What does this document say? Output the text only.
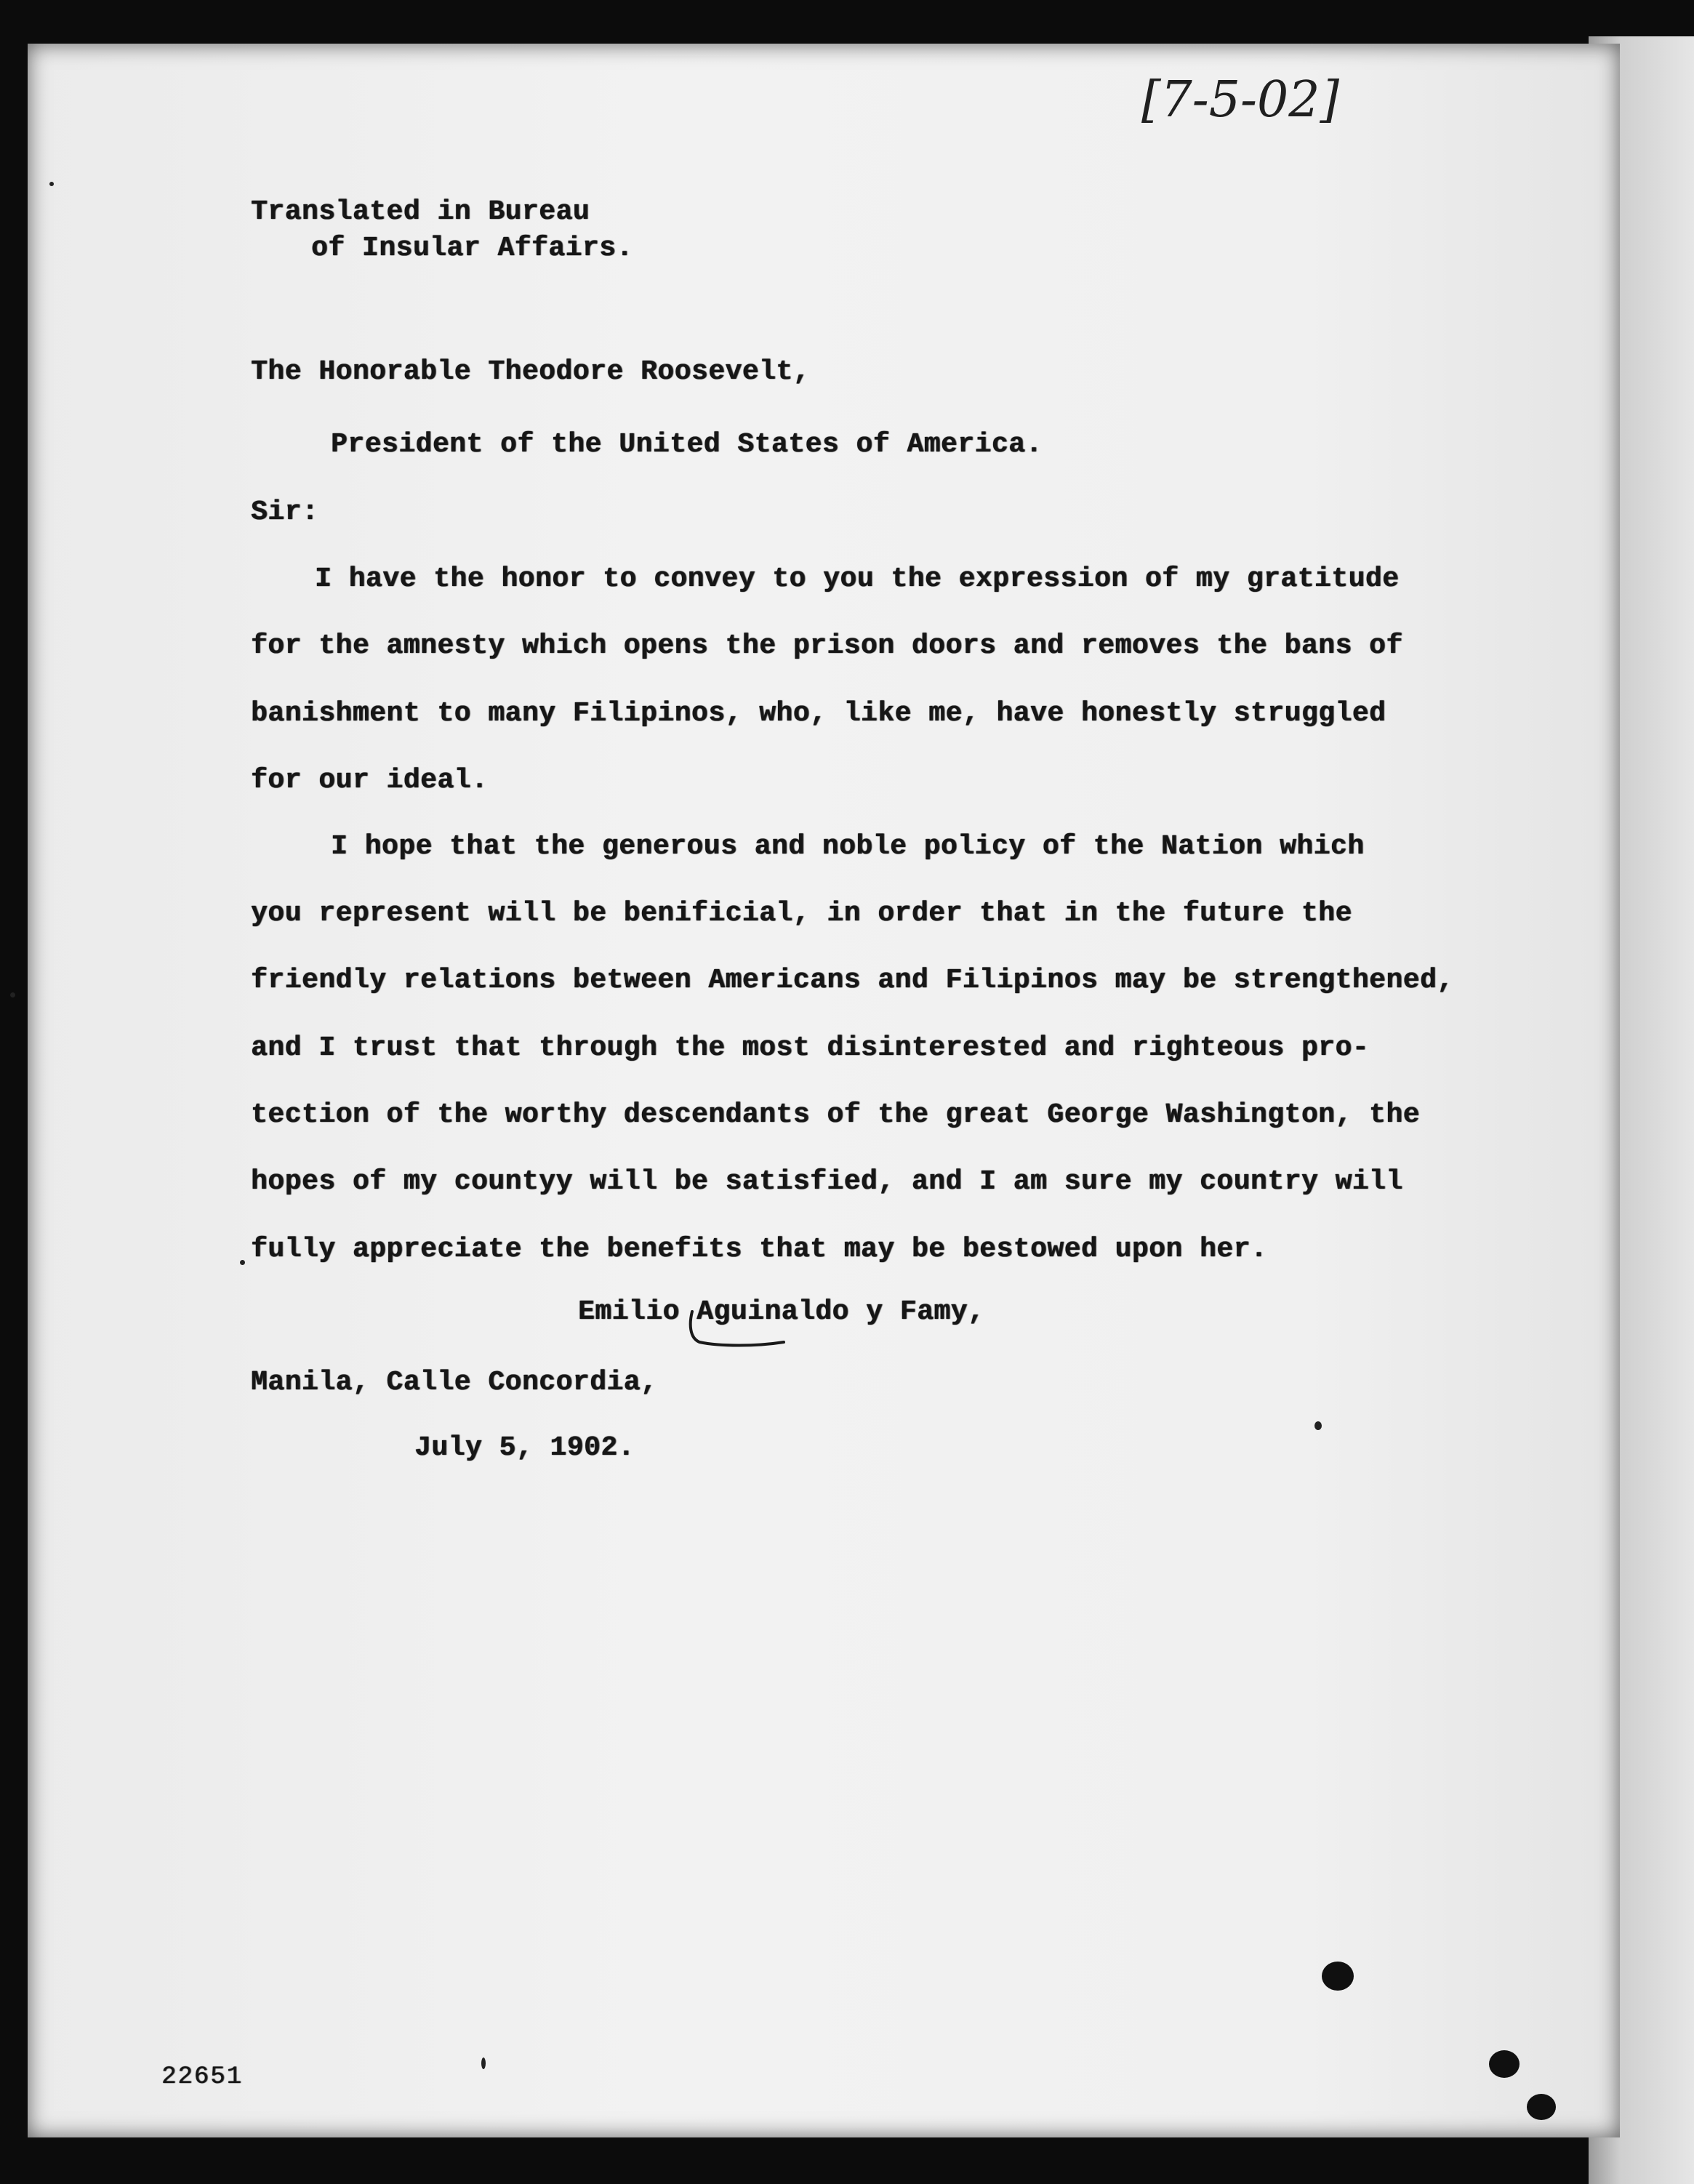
[7-5-02]
Translated in Bureau
of Insular Affairs.
The Honorable Theodore Roosevelt,
President of the United States of America.
Sir:
I have the honor to convey to you the expression of my gratitude
for the amnesty which opens the prison doors and removes the bans of
banishment to many Filipinos, who, like me, have honestly struggled
for our ideal.
I hope that the generous and noble policy of the Nation which
you represent will be benificial, in order that in the future the
friendly relations between Americans and Filipinos may be strengthened,
and I trust that through the most disinterested and righteous pro-
tection of the worthy descendants of the great George Washington, the
hopes of my countyy will be satisfied, and I am sure my country will
fully appreciate the benefits that may be bestowed upon her.
Emilio Aguinaldo y Famy,
Manila, Calle Concordia,
July 5, 1902.
22651
